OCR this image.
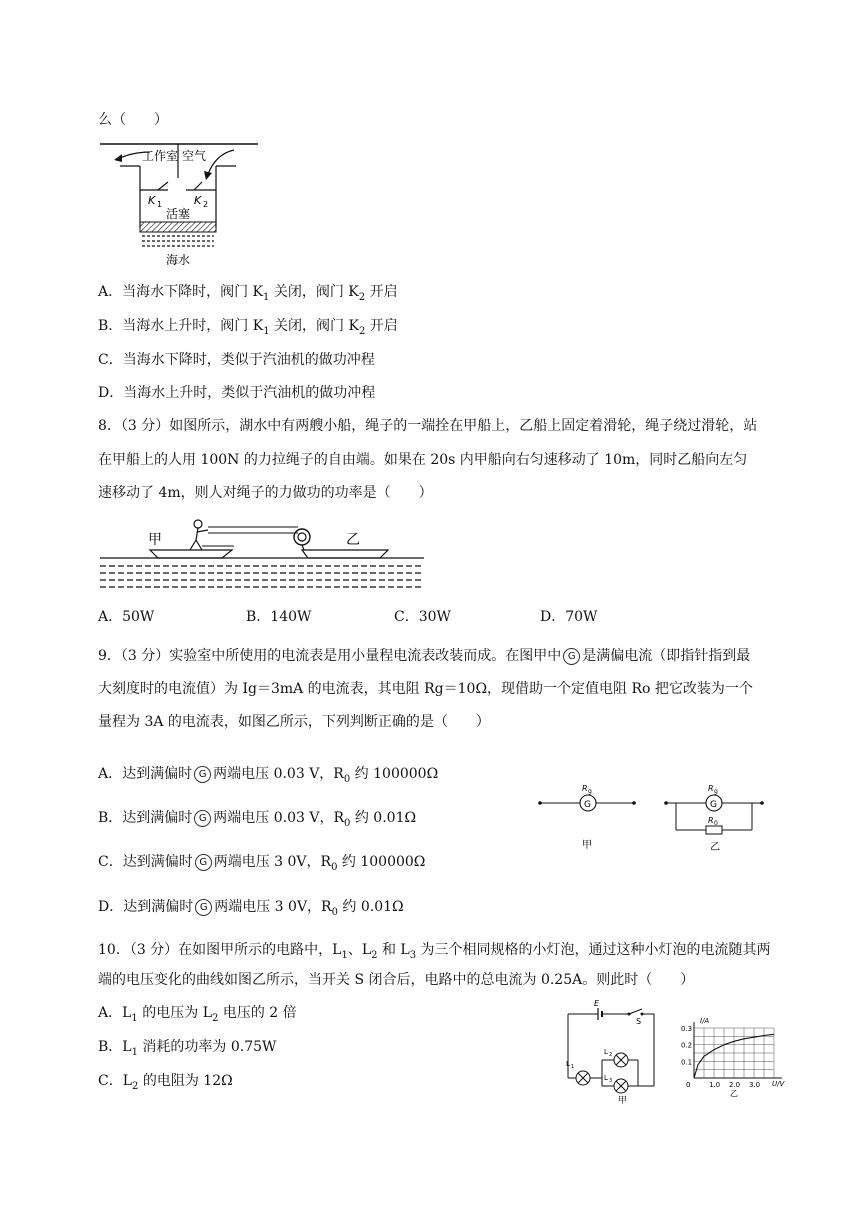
么（　　）
工作室 空气
K 1	K 2
活塞
海水
A．当海水下降时，阀门 $K_1$ 关闭，阀门 $K_2$ 开启
B．当海水上升时，阀门 $K_1$ 关闭，阀门 $K_2$ 开启
C．当海水下降时，类似于汽油机的做功冲程
D．当海水上升时，类似于汽油机的做功冲程
8．（3 分）如图所示，湖水中有两艘小船，绳子的一端拴在甲船上，乙船上固定着滑轮，绳子绕过滑轮，站
在甲船上的人用 100N 的力拉绳子的自由端。如果在 20s 内甲船向右匀速移动了 10m，同时乙船向左匀
速移动了 4m，则人对绳子的力做功的功率是（　　）
甲	乙
A．50W	B．140W	C．30W	D．70W
9．（3 分）实验室中所使用的电流表是用小量程电流表改装而成。在图甲中 G 是满偏电流（即指针指到最
大刻度时的电流值）为 Ig＝3mA 的电流表，其电阻 Rg＝10Ω，现借助一个定值电阻 Ro 把它改装为一个
量程为 3A 的电流表，如图乙所示，下列判断正确的是（　　）
A．达到满偏时 G 两端电压 0.03 V，$R_0$ 约 100000Ω
B．达到满偏时 G 两端电压 0.03 V，$R_0$ 约 0.01Ω
C．达到满偏时 G 两端电压 3 0V，$R_0$ 约 100000Ω
D．达到满偏时 G 两端电压 3 0V，$R_0$ 约 0.01Ω
G
R g
甲
G
R g
R 0
乙
10．（3 分）在如图甲所示的电路中，$L_1$、$L_2$ 和 $L_3$ 为三个相同规格的小灯泡，通过这种小灯泡的电流随其两
端的电压变化的曲线如图乙所示，当开关 S 闭合后，电路中的总电流为 0.25A。则此时（　　）
A．$L_1$ 的电压为 $L_2$ 电压的 2 倍
B．$L_1$ 消耗的功率为 0.75W
C．$L_2$ 的电阻为 12Ω
E
S
L 1
L 2
L 3
甲
0	1.0 2.0 3.0
0.1
0.2
0.3
I/A
U/V
乙
